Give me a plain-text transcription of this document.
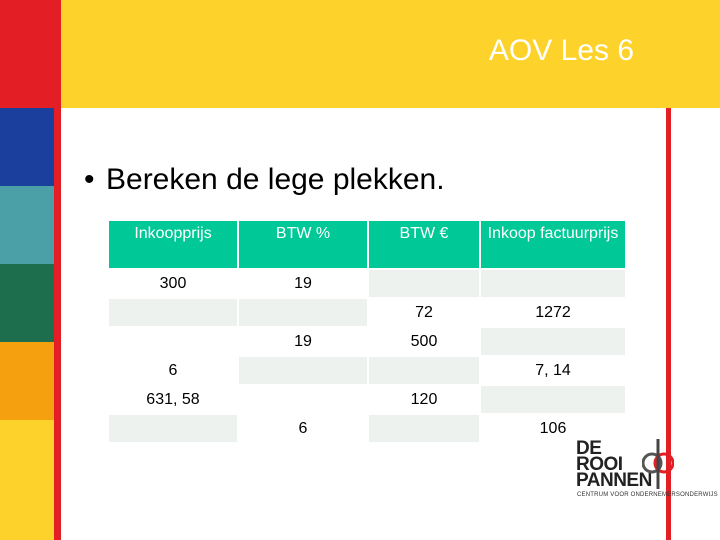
AOV Les 6
• Bereken de lege plekken.
Inkoopprijs	BTW %	BTW €	Inkoop factuurprijs
300	19		
		72	1272
	19	500	
6			7, 14
631, 58		120	
	6		106
DE
ROOI
PANNEN
CENTRUM VOOR ONDERNEMERSONDERWIJS
